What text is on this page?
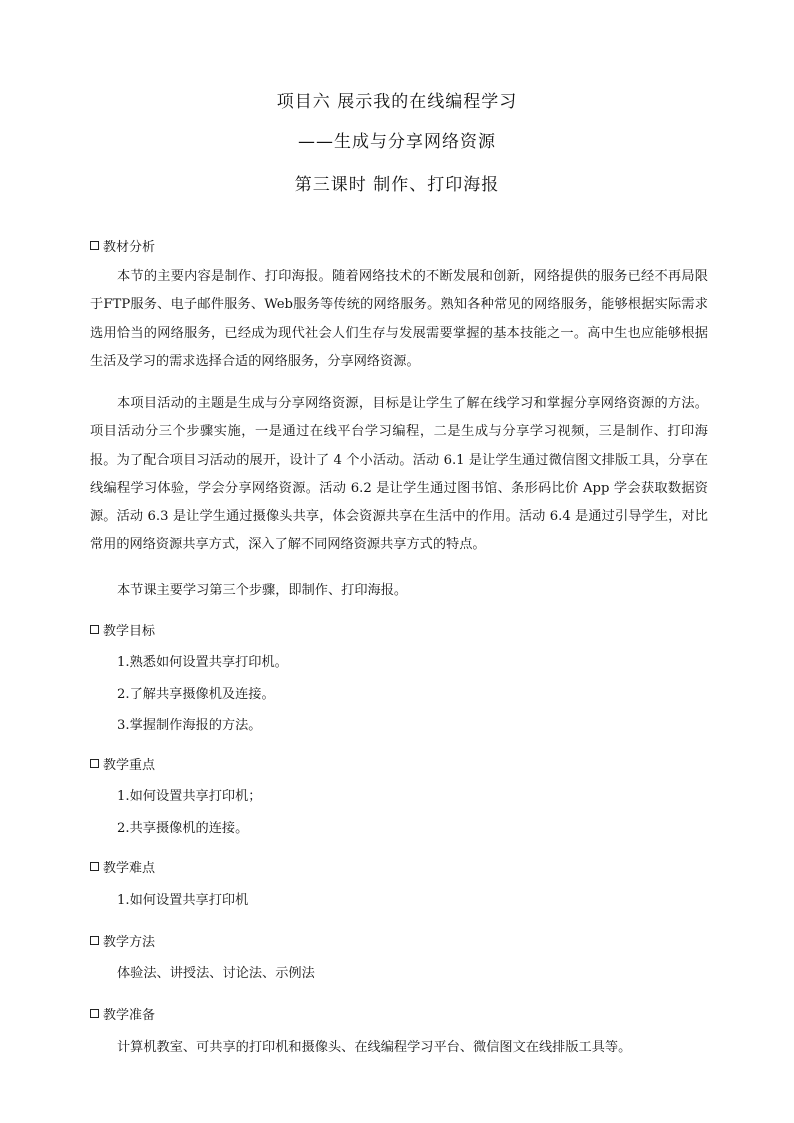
项目六 展示我的在线编程学习
——生成与分享网络资源
第三课时 制作、打印海报
教材分析

本节的主要内容是制作、打印海报。随着网络技术的不断发展和创新，网络提供的服务已经不再局限于FTP服务、电子邮件服务、Web服务等传统的网络服务。熟知各种常见的网络服务，能够根据实际需求选用恰当的网络服务，已经成为现代社会人们生存与发展需要掌握的基本技能之一。高中生也应能够根据生活及学习的需求选择合适的网络服务，分享网络资源。

本项目活动的主题是生成与分享网络资源，目标是让学生了解在线学习和掌握分享网络资源的方法。项目活动分三个步骤实施，一是通过在线平台学习编程，二是生成与分享学习视频，三是制作、打印海报。为了配合项目习活动的展开，设计了 4 个小活动。活动 6.1 是让学生通过微信图文排版工具，分享在线编程学习体验，学会分享网络资源。活动 6.2 是让学生通过图书馆、条形码比价 App 学会获取数据资源。活动 6.3 是让学生通过摄像头共享，体会资源共享在生活中的作用。活动 6.4 是通过引导学生，对比常用的网络资源共享方式，深入了解不同网络资源共享方式的特点。

本节课主要学习第三个步骤，即制作、打印海报。

教学目标
1.熟悉如何设置共享打印机。
2.了解共享摄像机及连接。
3.掌握制作海报的方法。
教学重点
1.如何设置共享打印机；
2.共享摄像机的连接。
教学难点
1.如何设置共享打印机
教学方法
体验法、讲授法、讨论法、示例法
教学准备
计算机教室、可共享的打印机和摄像头、在线编程学习平台、微信图文在线排版工具等。
